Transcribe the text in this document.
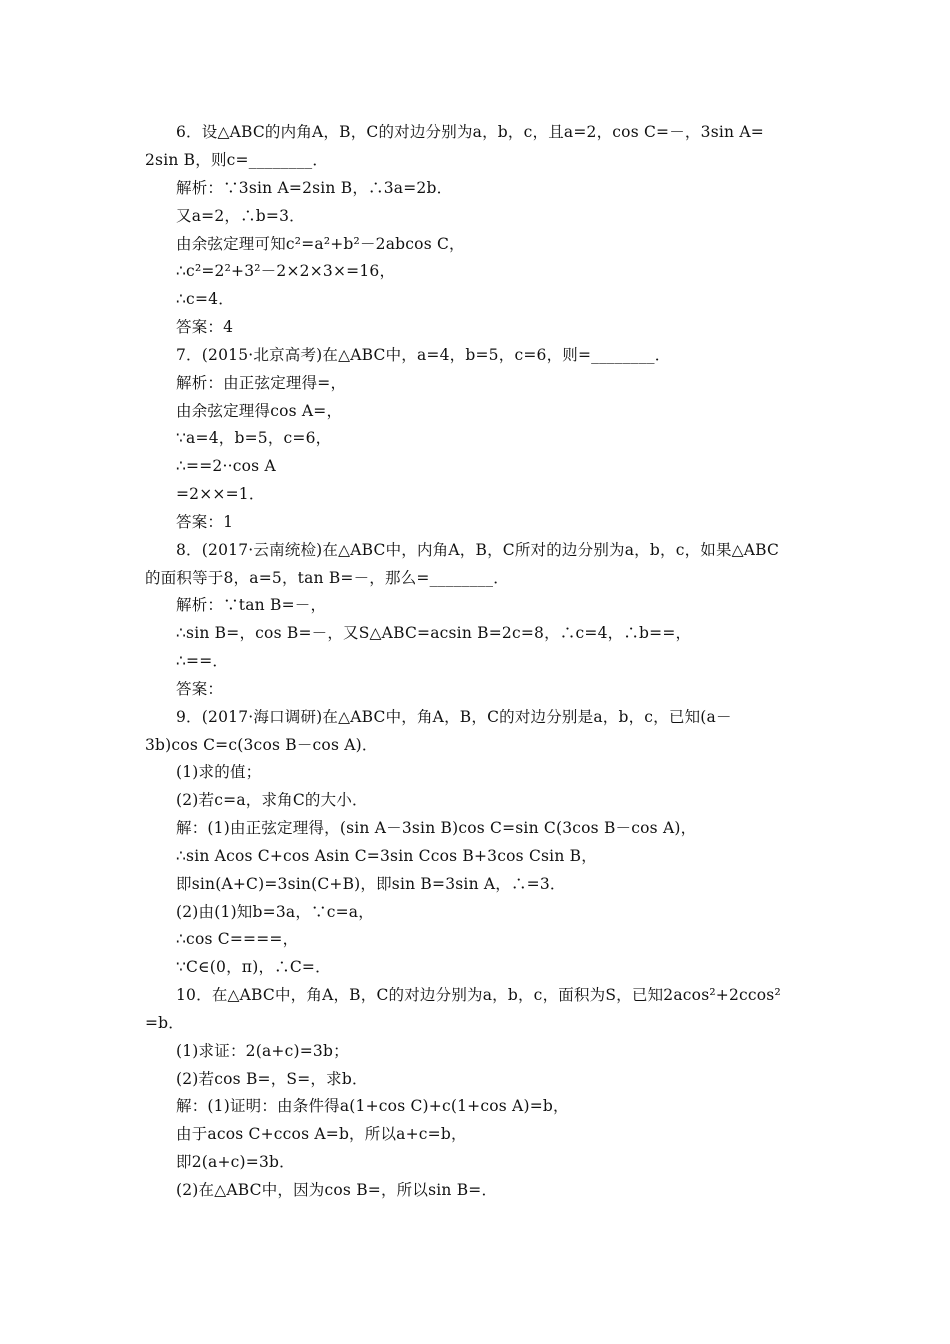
6．设△ABC的内角A，B，C的对边分别为a，b，c，且a=2，cos C=－，3sin A=
2sin B，则c=________．
解析：∵3sin A=2sin B，∴3a=2b．
又a=2，∴b=3．
由余弦定理可知c²=a²+b²－2abcos C，
∴c²=2²+3²－2×2×3×=16，
∴c=4．
答案：4
7．(2015·北京高考)在△ABC中，a=4，b=5，c=6，则=________．
解析：由正弦定理得=，
由余弦定理得cos A=，
∵a=4，b=5，c=6，
∴==2··cos A
=2××=1．
答案：1
8．(2017·云南统检)在△ABC中，内角A，B，C所对的边分别为a，b，c，如果△ABC
的面积等于8，a=5，tan B=－，那么=________．
解析：∵tan B=－，
∴sin B=，cos B=－，又S△ABC=acsin B=2c=8，∴c=4，∴b==，
∴==．
答案：
9．(2017·海口调研)在△ABC中，角A，B，C的对边分别是a，b，c，已知(a－
3b)cos C=c(3cos B－cos A)．
(1)求的值；
(2)若c=a，求角C的大小．
解：(1)由正弦定理得，(sin A－3sin B)cos C=sin C(3cos B－cos A)，
∴sin Acos C+cos Asin C=3sin Ccos B+3cos Csin B，
即sin(A+C)=3sin(C+B)，即sin B=3sin A，∴=3．
(2)由(1)知b=3a，∵c=a，
∴cos C====，
∵C∈(0，π)，∴C=．
10．在△ABC中，角A，B，C的对边分别为a，b，c，面积为S，已知2acos²+2ccos²
=b．
(1)求证：2(a+c)=3b；
(2)若cos B=，S=，求b．
解：(1)证明：由条件得a(1+cos C)+c(1+cos A)=b，
由于acos C+ccos A=b，所以a+c=b，
即2(a+c)=3b．
(2)在△ABC中，因为cos B=，所以sin B=．
